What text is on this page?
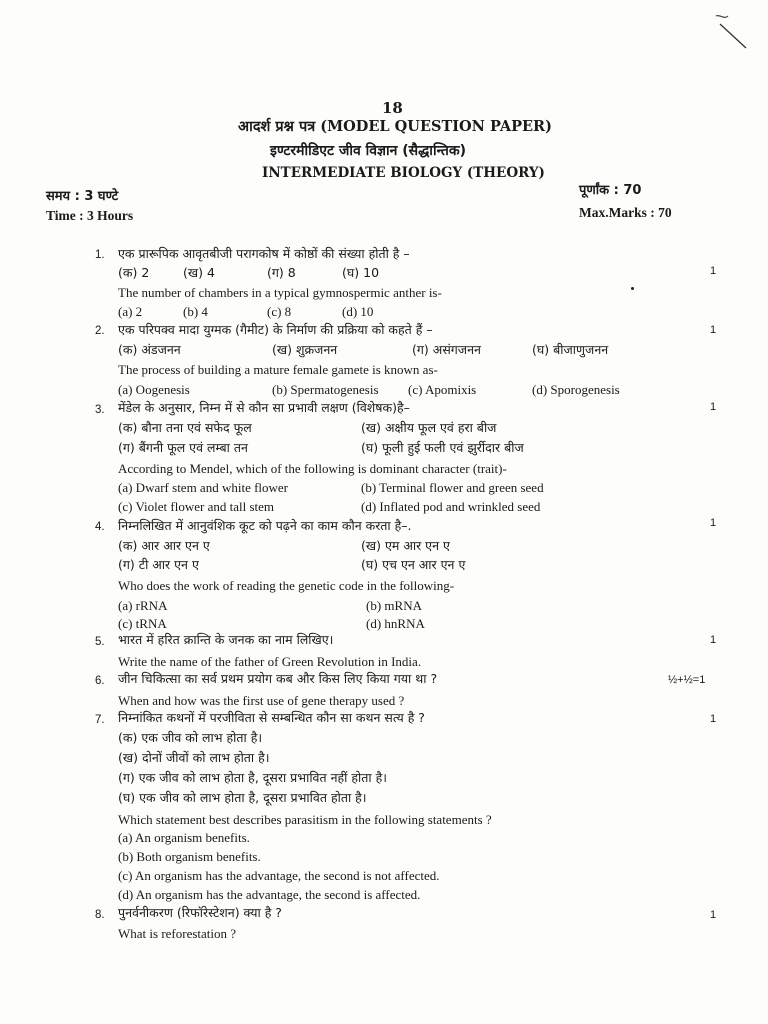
18
आदर्श प्रश्न पत्र (MODEL QUESTION PAPER)
इण्टरमीडिएट जीव विज्ञान (सैद्धान्तिक)
INTERMEDIATE BIOLOGY (THEORY)
समय : 3 घण्टे
Time : 3 Hours
पूर्णांक : 70
Max.Marks : 70
1. एक प्रारूपिक आवृतबीजी परागकोष में कोष्ठों की संख्या होती है –
1
(क) 2	(ख) 4	(ग) 8	(घ) 10
The number of chambers in a typical gymnospermic anther is-
(a) 2	(b) 4	(c) 8	(d) 10
2. एक परिपक्व मादा युग्मक (गैमीट) के निर्माण की प्रक्रिया को कहते हैं –	1
(क) अंडजनन	(ख) शुक्रजनन	(ग) असंगजनन	(घ) बीजाणुजनन
The process of building a mature female gamete is known as-
(a) Oogenesis	(b) Spermatogenesis (c) Apomixis	(d) Sporogenesis
3. मेंडेल के अनुसार, निम्न में से कौन सा प्रभावी लक्षण (विशेषक)है–	1
(क) बौना तना एवं सफेद फूल	(ख) अक्षीय फूल एवं हरा बीज
(ग) बैंगनी फूल एवं लम्बा तन	(घ) फूली हुई फली एवं झुर्रीदार बीज
According to Mendel, which of the following is dominant character (trait)-
(a) Dwarf stem and white flower	(b) Terminal flower and green seed
(c) Violet flower and tall stem	(d) Inflated pod and wrinkled seed
4. निम्नलिखित में आनुवंशिक कूट को पढ़ने का काम कौन करता है–.	1
(क) आर आर एन ए	(ख) एम आर एन ए
(ग) टी आर एन ए	(घ) एच एन आर एन ए
Who does the work of reading the genetic code in the following-
(a) rRNA	(b) mRNA
(c) tRNA	(d) hnRNA
5. भारत में हरित क्रान्ति के जनक का नाम लिखिए।	1
Write the name of the father of Green Revolution in India.
6. जीन चिकित्सा का सर्व प्रथम प्रयोग कब और किस लिए किया गया था ?	½+½=1
When and how was the first use of gene therapy used ?
7. निम्नांकित कथनों में परजीविता से सम्बन्धित कौन सा कथन सत्य है ?	1
(क) एक जीव को लाभ होता है।
(ख) दोनों जीवों को लाभ होता है।
(ग) एक जीव को लाभ होता है, दूसरा प्रभावित नहीं होता है।
(घ) एक जीव को लाभ होता है, दूसरा प्रभावित होता है।
Which statement best describes parasitism in the following statements ?
(a) An organism benefits.
(b) Both organism benefits.
(c) An organism has the advantage, the second is not affected.
(d) An organism has the advantage, the second is affected.
8. पुनर्वनीकरण (रिफॉरेस्टेशन) क्या है ?	1
What is reforestation ?
